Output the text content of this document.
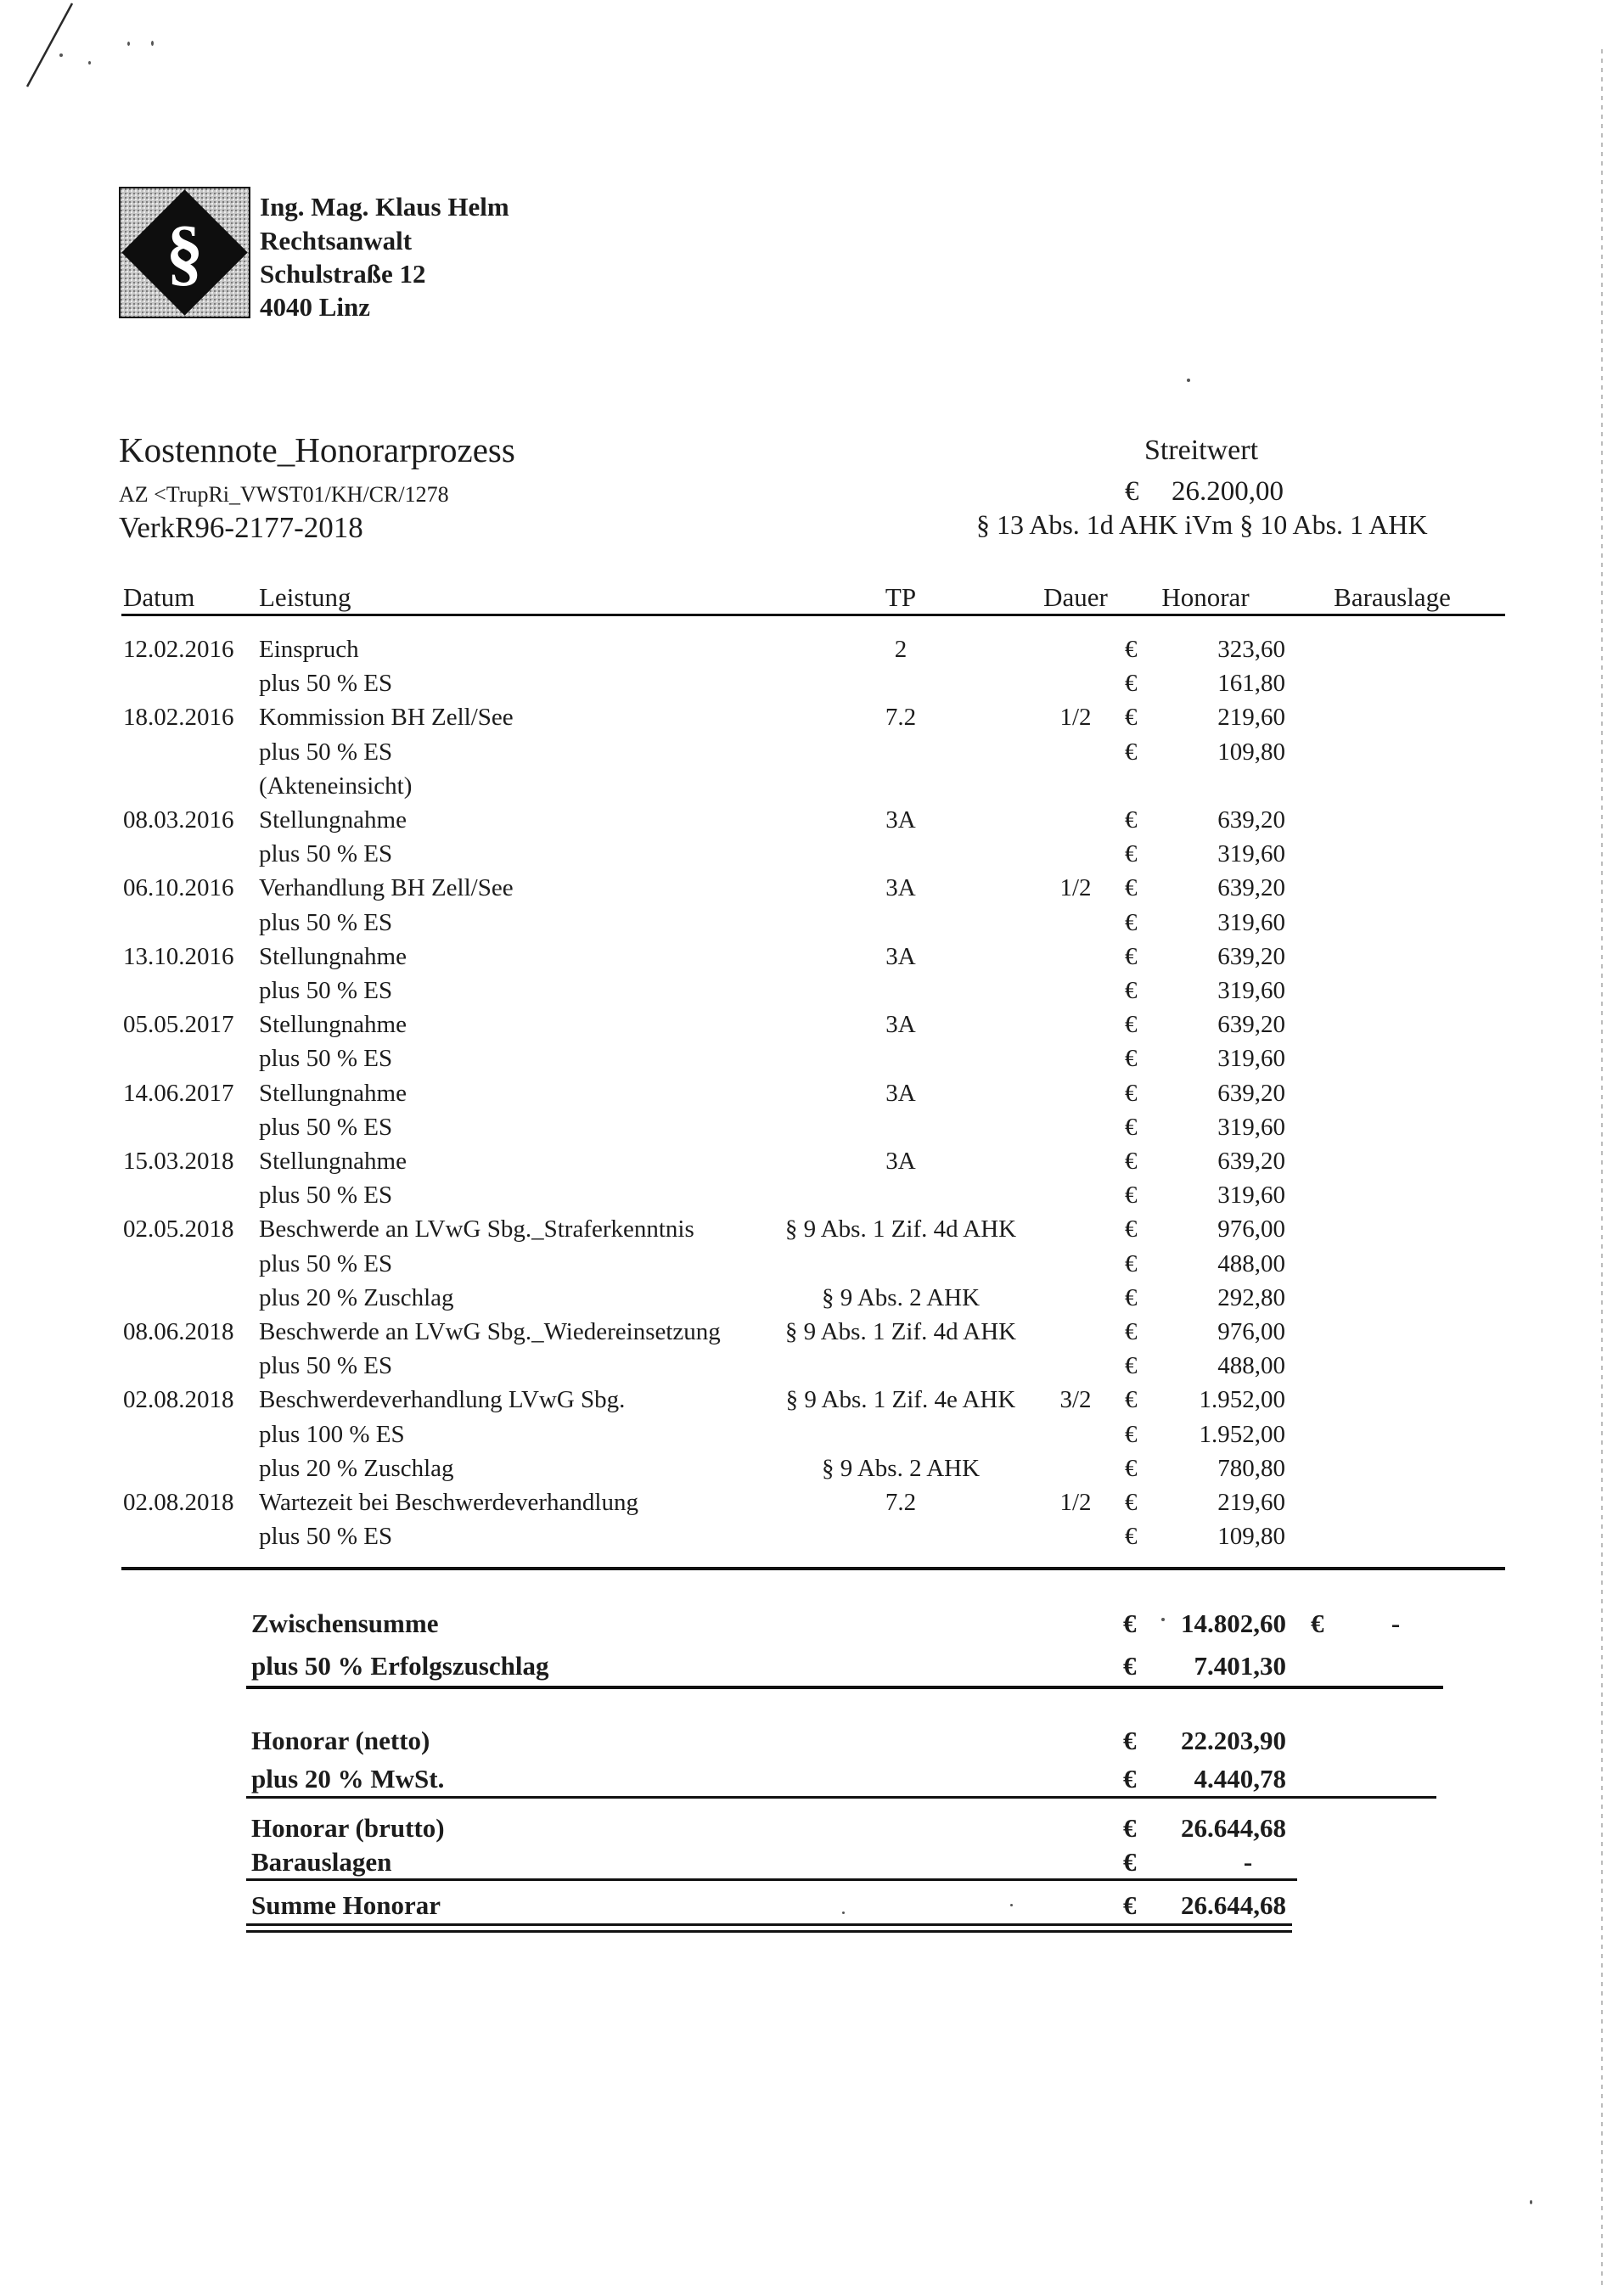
§
Ing. Mag. Klaus Helm
Rechtsanwalt
Schulstraße 12
4040 Linz
Kostennote_Honorarprozess
AZ <TrupRi_VWST01/KH/CR/1278
VerkR96-2177-2018
Streitwert
€	26.200,00
§ 13 Abs. 1d AHK iVm § 10 Abs. 1 AHK
Datum	Leistung	TP	Dauer	Honorar	Barauslage
12.02.2016	Einspruch	2	€	323,60
plus 50 % ES	€	161,80
18.02.2016	Kommission BH Zell/See	7.2	1/2	€	219,60
plus 50 % ES	€	109,80
(Akteneinsicht)
08.03.2016	Stellungnahme	3A	€	639,20
plus 50 % ES	€	319,60
06.10.2016	Verhandlung BH Zell/See	3A	1/2	€	639,20
plus 50 % ES	€	319,60
13.10.2016	Stellungnahme	3A	€	639,20
plus 50 % ES	€	319,60
05.05.2017	Stellungnahme	3A	€	639,20
plus 50 % ES	€	319,60
14.06.2017	Stellungnahme	3A	€	639,20
plus 50 % ES	€	319,60
15.03.2018	Stellungnahme	3A	€	639,20
plus 50 % ES	€	319,60
02.05.2018	Beschwerde an LVwG Sbg._Straferkenntnis	§ 9 Abs. 1 Zif. 4d AHK	€	976,00
plus 50 % ES	€	488,00
plus 20 % Zuschlag	§ 9 Abs. 2 AHK	€	292,80
08.06.2018	Beschwerde an LVwG Sbg._Wiedereinsetzung	§ 9 Abs. 1 Zif. 4d AHK	€	976,00
plus 50 % ES	€	488,00
02.08.2018	Beschwerdeverhandlung LVwG Sbg.	§ 9 Abs. 1 Zif. 4e AHK	3/2	€	1.952,00
plus 100 % ES	€	1.952,00
plus 20 % Zuschlag	§ 9 Abs. 2 AHK	€	780,80
02.08.2018	Wartezeit bei Beschwerdeverhandlung	7.2	1/2	€	219,60
plus 50 % ES	€	109,80
Zwischensumme	€	14.802,60 €	-
plus 50 % Erfolgszuschlag	€	7.401,30
Honorar (netto)	€	22.203,90
plus 20 % MwSt.	€	4.440,78
Honorar (brutto)	€	26.644,68
Barauslagen	€	-
Summe Honorar	€	26.644,68
